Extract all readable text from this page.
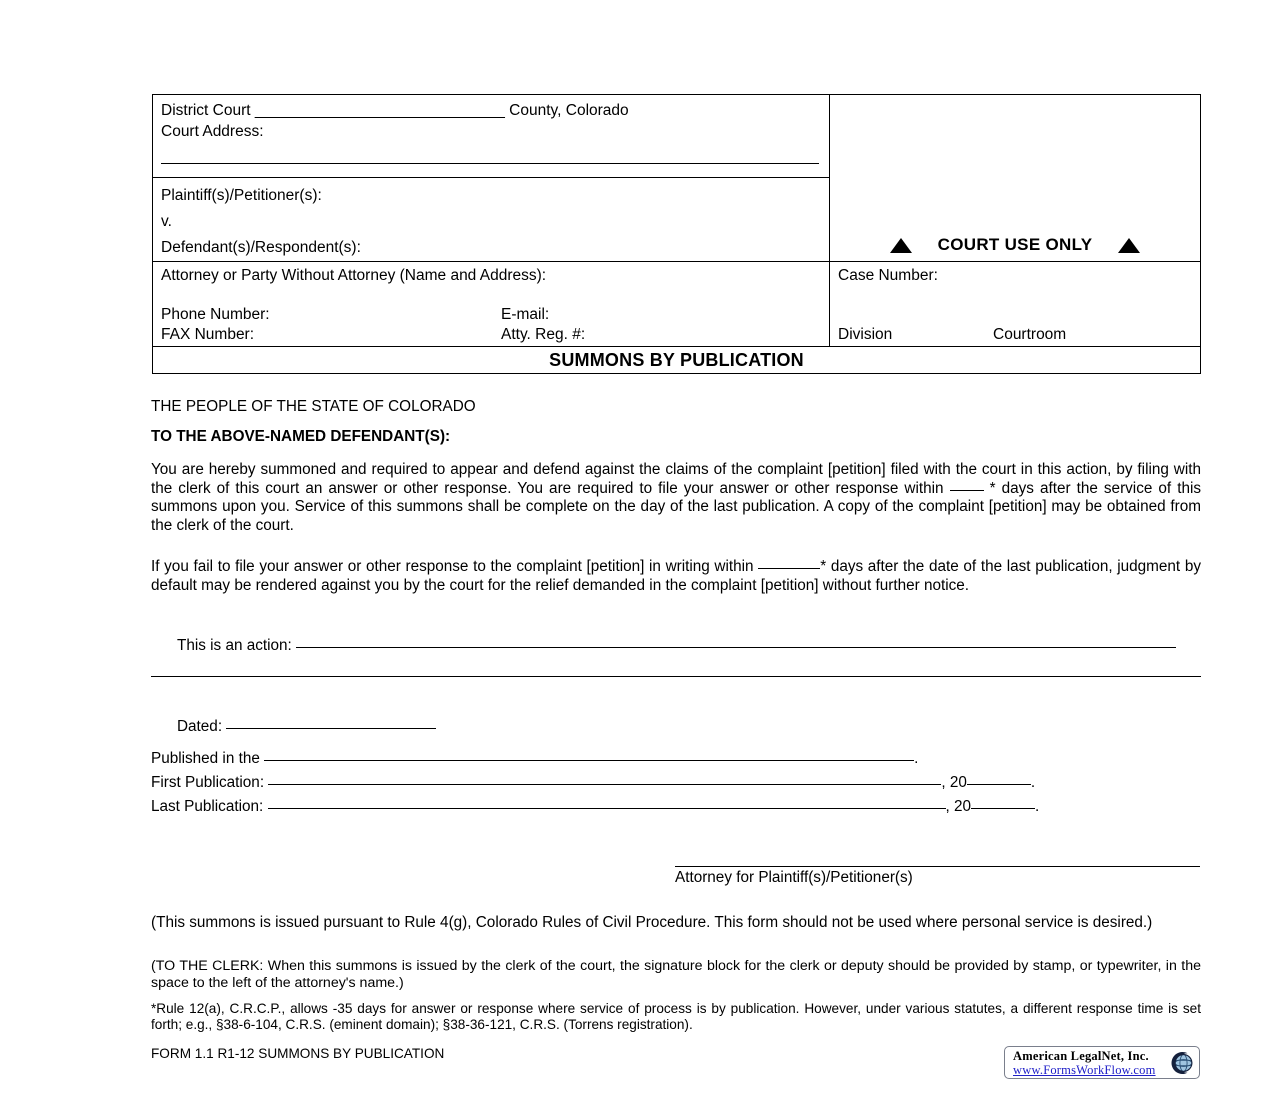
District Court _____________________________ County, Colorado
Court Address:	COURT USE ONLY

Plaintiff(s)/Petitioner(s):
v.
Defendant(s)/Respondent(s):	

Attorney or Party Without Attorney (Name and Address):
Phone Number:	E-mail:
FAX Number:	Atty. Reg. #:

Case Number:
Division	Courtroom

SUMMONS BY PUBLICATION	
THE PEOPLE OF THE STATE OF COLORADO
TO THE ABOVE-NAMED DEFENDANT(S):
You are hereby summoned and required to appear and defend against the claims of the complaint [petition] filed with the court in this action, by filing with the clerk of this court an answer or other response. You are required to file your answer or other response within  * days after the service of this summons upon you. Service of this summons shall be complete on the day of the last publication. A copy of the complaint [petition] may be obtained from the clerk of the court.
If you fail to file your answer or other response to the complaint [petition] in writing within	* days after the date of the last publication, judgment by default may be rendered against you by the court for the relief demanded in the complaint [petition] without further notice.
This is an action:
Dated:
Published in the	.
First Publication:	, 20	.
Last Publication:	, 20	.
Attorney for Plaintiff(s)/Petitioner(s)
(This summons is issued pursuant to Rule 4(g), Colorado Rules of Civil Procedure. This form should not be used where personal service is desired.)
(TO THE CLERK: When this summons is issued by the clerk of the court, the signature block for the clerk or deputy should be provided by stamp, or typewriter, in the space to the left of the attorney's name.)
*Rule 12(a), C.R.C.P., allows -35 days for answer or response where service of process is by publication. However, under various statutes, a different response time is set forth; e.g., §38-6-104, C.R.S. (eminent domain); §38-36-121, C.R.S. (Torrens registration).
FORM 1.1 R1-12 SUMMONS BY PUBLICATION	American LegalNet, Inc.
www.FormsWorkFlow.com
